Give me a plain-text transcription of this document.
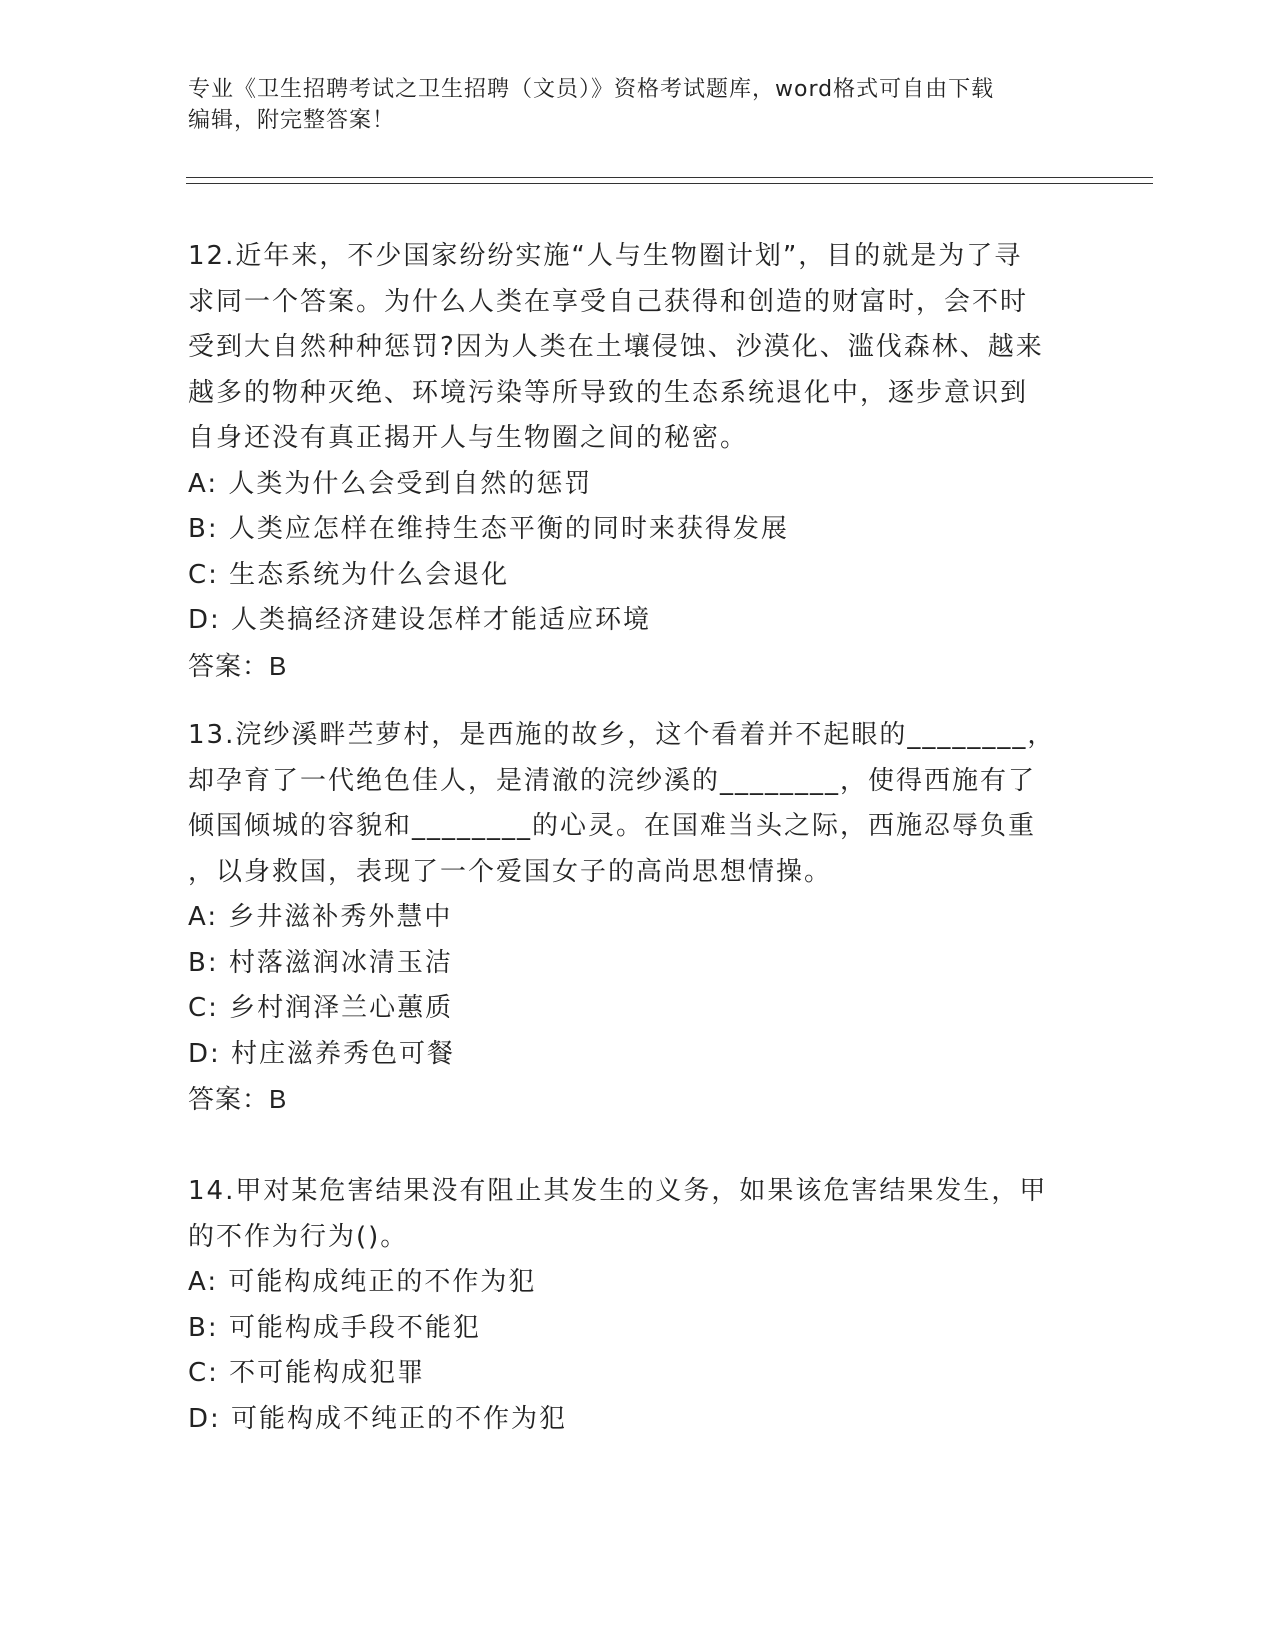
专业《卫生招聘考试之卫生招聘（文员）》资格考试题库，word格式可自由下载
编辑，附完整答案！
12.近年来，不少国家纷纷实施“人与生物圈计划”，目的就是为了寻
求同一个答案。为什么人类在享受自己获得和创造的财富时，会不时
受到大自然种种惩罚?因为人类在土壤侵蚀、沙漠化、滥伐森林、越来
越多的物种灭绝、环境污染等所导致的生态系统退化中，逐步意识到
自身还没有真正揭开人与生物圈之间的秘密。
A: 人类为什么会受到自然的惩罚
B: 人类应怎样在维持生态平衡的同时来获得发展
C: 生态系统为什么会退化
D: 人类搞经济建设怎样才能适应环境
答案：B
13.浣纱溪畔苎萝村，是西施的故乡，这个看着并不起眼的________，
却孕育了一代绝色佳人，是清澈的浣纱溪的________，使得西施有了
倾国倾城的容貌和________的心灵。在国难当头之际，西施忍辱负重
，以身救国，表现了一个爱国女子的高尚思想情操。
A: 乡井滋补秀外慧中
B: 村落滋润冰清玉洁
C: 乡村润泽兰心蕙质
D: 村庄滋养秀色可餐
答案：B
14.甲对某危害结果没有阻止其发生的义务，如果该危害结果发生，甲
的不作为行为()。
A: 可能构成纯正的不作为犯
B: 可能构成手段不能犯
C: 不可能构成犯罪
D: 可能构成不纯正的不作为犯
